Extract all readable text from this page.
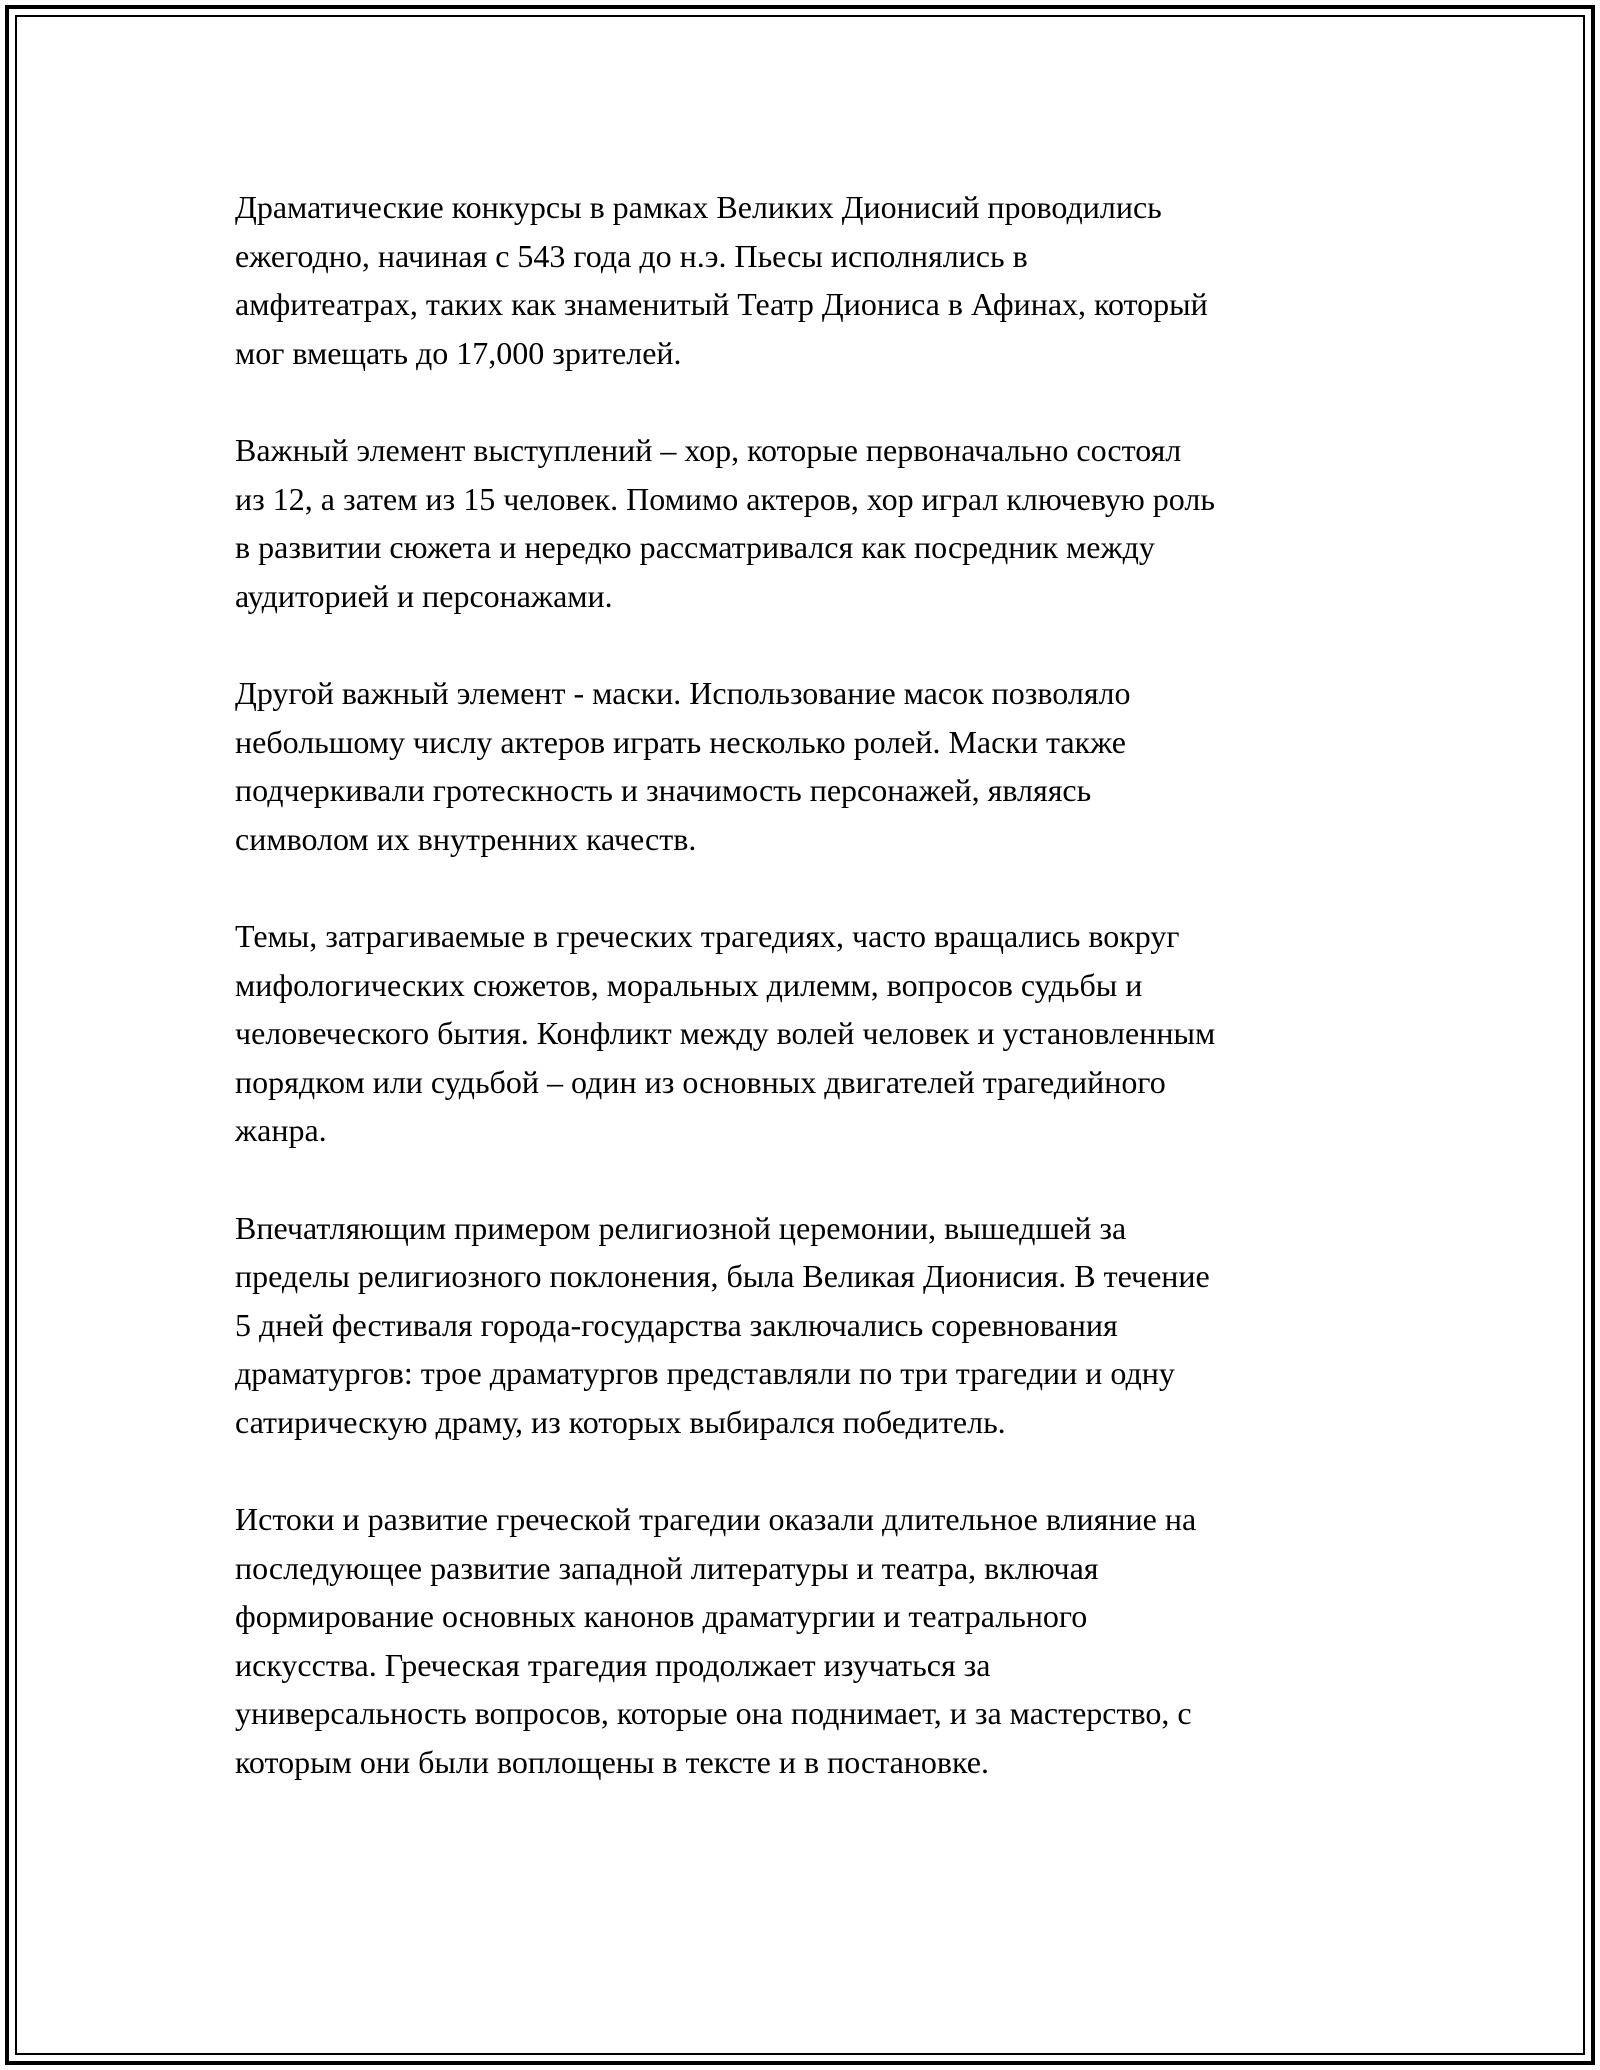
Драматические конкурсы в рамках Великих Дионисий проводились
ежегодно, начиная с 543 года до н.э. Пьесы исполнялись в
амфитеатрах, таких как знаменитый Театр Диониса в Афинах, который
мог вмещать до 17,000 зрителей.

Важный элемент выступлений – хор, которые первоначально состоял
из 12, а затем из 15 человек. Помимо актеров, хор играл ключевую роль
в развитии сюжета и нередко рассматривался как посредник между
аудиторией и персонажами.

Другой важный элемент - маски. Использование масок позволяло
небольшому числу актеров играть несколько ролей. Маски также
подчеркивали гротескность и значимость персонажей, являясь
символом их внутренних качеств.

Темы, затрагиваемые в греческих трагедиях, часто вращались вокруг
мифологических сюжетов, моральных дилемм, вопросов судьбы и
человеческого бытия. Конфликт между волей человек и установленным
порядком или судьбой – один из основных двигателей трагедийного
жанра.

Впечатляющим примером религиозной церемонии, вышедшей за
пределы религиозного поклонения, была Великая Дионисия. В течение
5 дней фестиваля города-государства заключались соревнования
драматургов: трое драматургов представляли по три трагедии и одну
сатирическую драму, из которых выбирался победитель.

Истоки и развитие греческой трагедии оказали длительное влияние на
последующее развитие западной литературы и театра, включая
формирование основных канонов драматургии и театрального
искусства. Греческая трагедия продолжает изучаться за
универсальность вопросов, которые она поднимает, и за мастерство, с
которым они были воплощены в тексте и в постановке.
